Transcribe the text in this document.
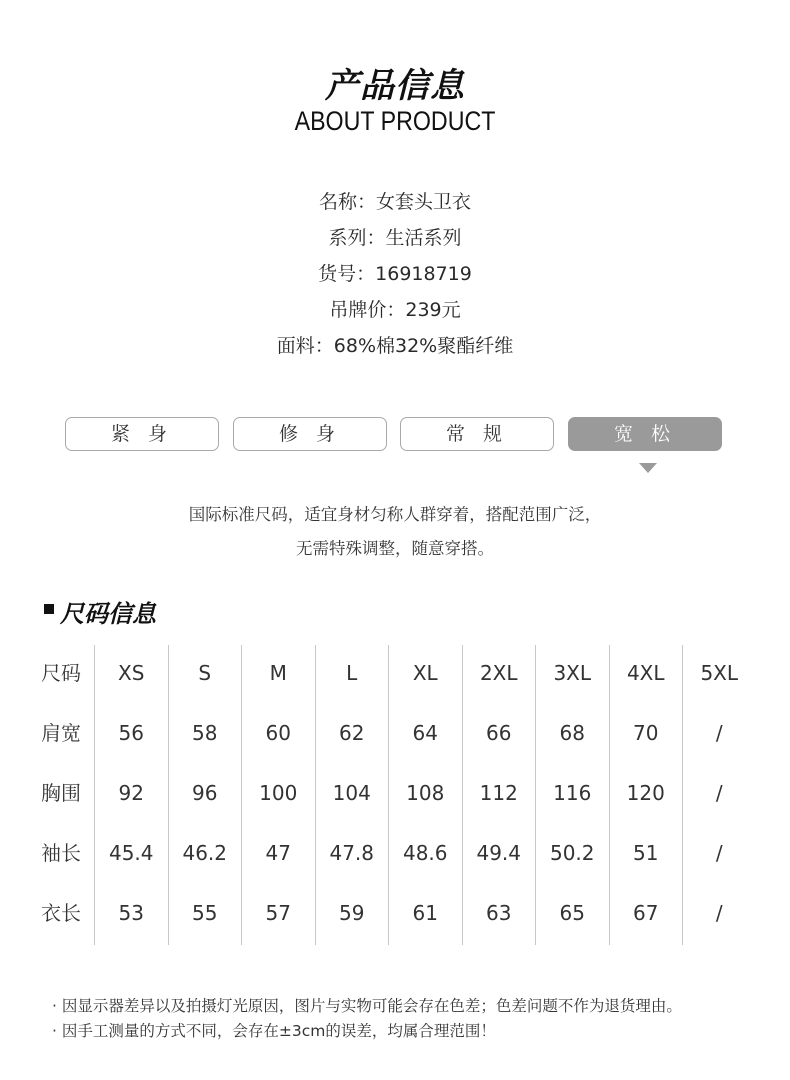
产品信息
ABOUT PRODUCT
名称：女套头卫衣
系列：生活系列
货号：16918719
吊牌价：239元
面料：68%棉32%聚酯纤维
紧 身	修 身	常 规	宽 松
国际标准尺码，适宜身材匀称人群穿着，搭配范围广泛，
无需特殊调整，随意穿搭。
尺码信息
尺码	XS	S	M	L	XL	2XL	3XL	4XL	5XL
肩宽	56	58	60	62	64	66	68	70	/
胸围	92	96	100	104	108	112	116	120	/
袖长	45.4	46.2	47	47.8	48.6	49.4	50.2	51	/
衣长	53	55	57	59	61	63	65	67	/
· 因显示器差异以及拍摄灯光原因，图片与实物可能会存在色差；色差问题不作为退货理由。
· 因手工测量的方式不同，会存在±3cm的误差，均属合理范围！
